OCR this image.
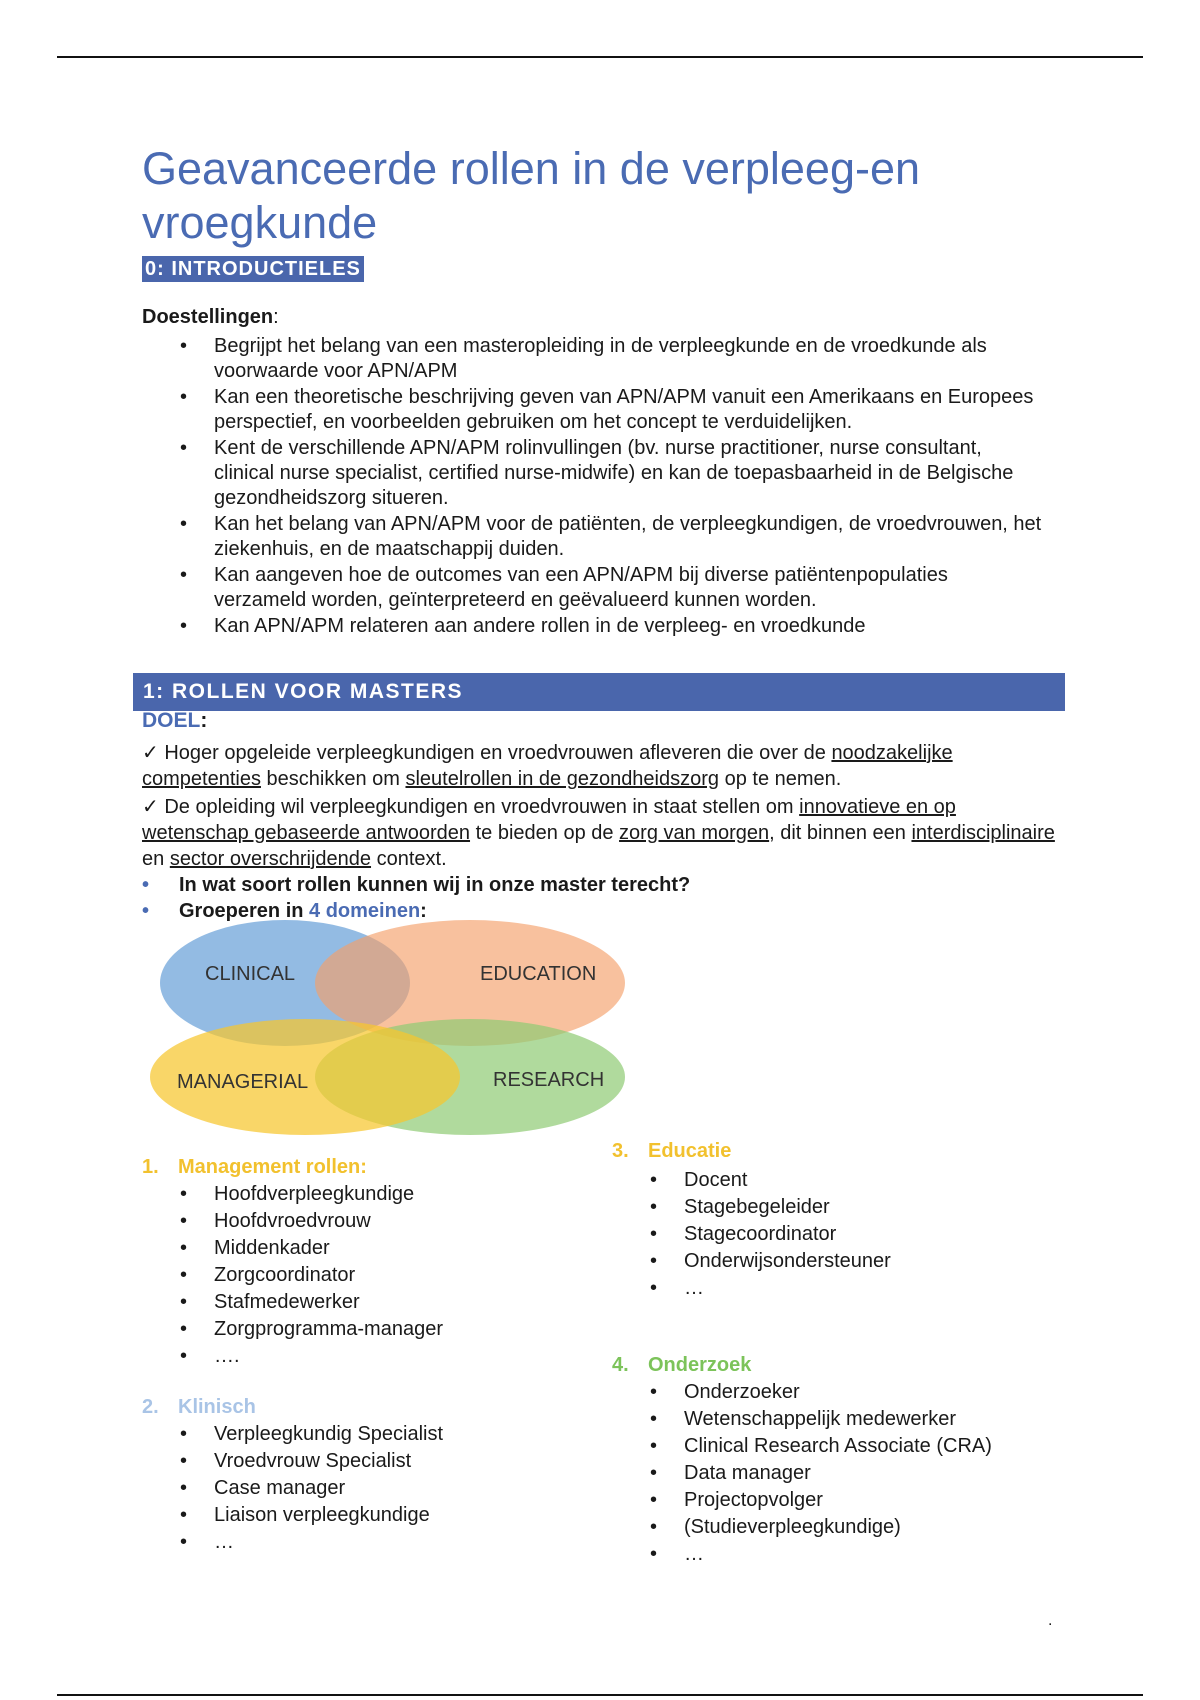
Geavanceerde rollen in de verpleeg-en vroegkunde
0: INTRODUCTIELES
Doestellingen:
• Begrijpt het belang van een masteropleiding in de verpleegkunde en de vroedkunde als voorwaarde voor APN/APM
• Kan een theoretische beschrijving geven van APN/APM vanuit een Amerikaans en Europees perspectief, en voorbeelden gebruiken om het concept te verduidelijken.
• Kent de verschillende APN/APM rolinvullingen (bv. nurse practitioner, nurse consultant, clinical nurse specialist, certified nurse-midwife) en kan de toepasbaarheid in de Belgische gezondheidszorg situeren.
• Kan het belang van APN/APM voor de patiënten, de verpleegkundigen, de vroedvrouwen, het ziekenhuis, en de maatschappij duiden.
• Kan aangeven hoe de outcomes van een APN/APM bij diverse patiëntenpopulaties verzameld worden, geïnterpreteerd en geëvalueerd kunnen worden.
• Kan APN/APM relateren aan andere rollen in de verpleeg- en vroedkunde
1: ROLLEN VOOR MASTERS
DOEL:
✓ Hoger opgeleide verpleegkundigen en vroedvrouwen afleveren die over de noodzakelijke competenties beschikken om sleutelrollen in de gezondheidszorg op te nemen.
✓ De opleiding wil verpleegkundigen en vroedvrouwen in staat stellen om innovatieve en op wetenschap gebaseerde antwoorden te bieden op de zorg van morgen, dit binnen een interdisciplinaire en sector overschrijdende context.
• In wat soort rollen kunnen wij in onze master terecht?
• Groeperen in 4 domeinen:
CLINICAL	EDUCATION
MANAGERIAL	RESEARCH
1. Management rollen:
• Hoofdverpleegkundige
• Hoofdvroedvrouw
• Middenkader
• Zorgcoordinator
• Stafmedewerker
• Zorgprogramma-manager
• ….
2. Klinisch
• Verpleegkundig Specialist
• Vroedvrouw Specialist
• Case manager
• Liaison verpleegkundige
• …
3. Educatie
• Docent
• Stagebegeleider
• Stagecoordinator
• Onderwijsondersteuner
• …
4. Onderzoek
• Onderzoeker
• Wetenschappelijk medewerker
• Clinical Research Associate (CRA)
• Data manager
• Projectopvolger
• (Studieverpleegkundige)
• …
.
